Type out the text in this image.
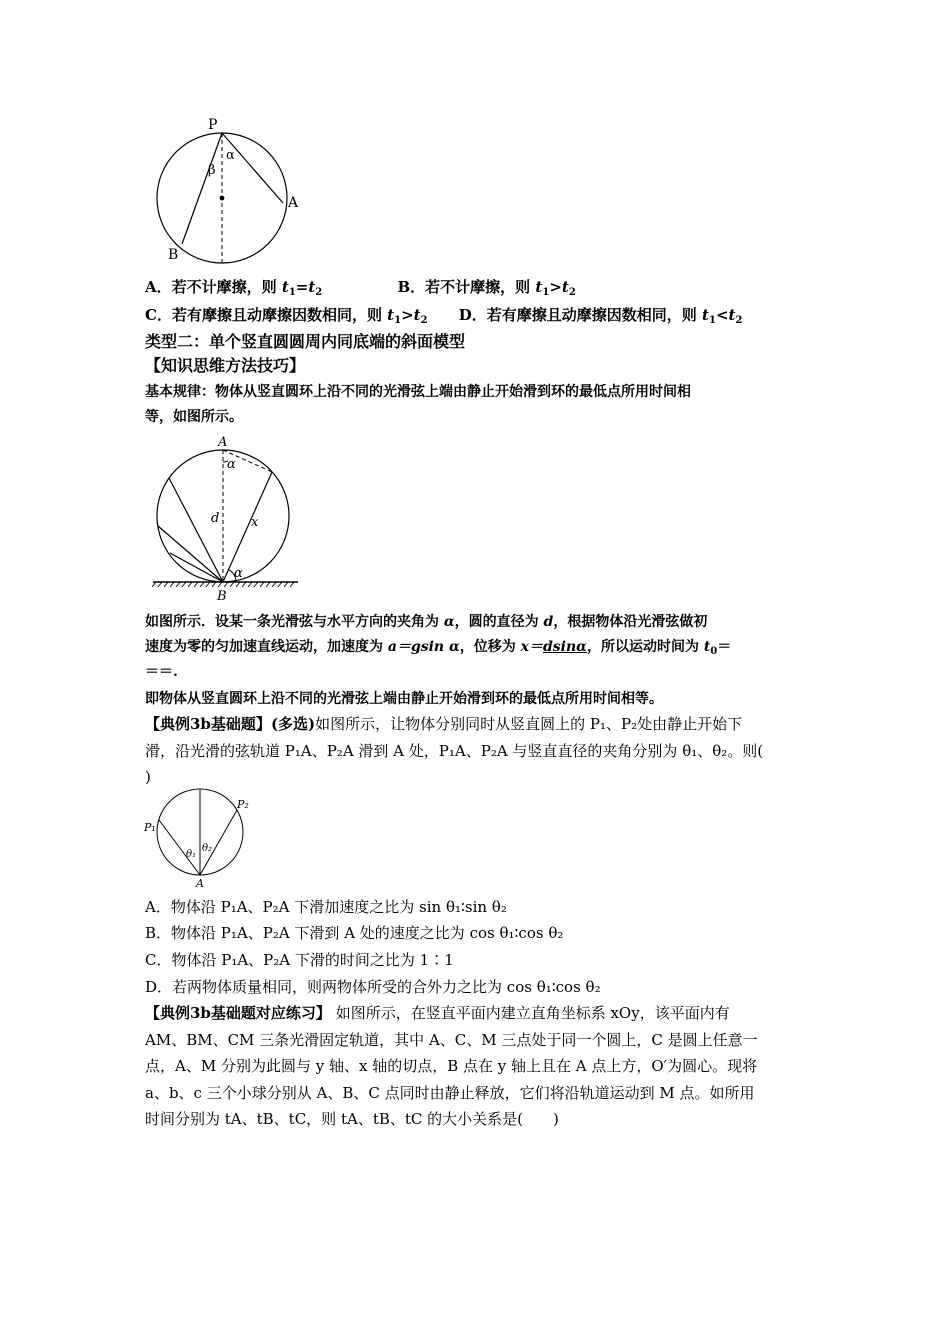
P
α
β
A
B
A．若不计摩擦，则 $t_1=t_2$	B．若不计摩擦，则 $t_1>t_2$
C．若有摩擦且动摩擦因数相同，则 $t_1>t_2$ D．若有摩擦且动摩擦因数相同，则 $t_1<t_2$
类型二：单个竖直圆圆周内同底端的斜面模型
【知识思维方法技巧】
基本规律：物体从竖直圆环上沿不同的光滑弦上端由静止开始滑到环的最低点所用时间相
等，如图所示。
A
α
d x
α
B
如图所示．设某一条光滑弦与水平方向的夹角为 α，圆的直径为 d，根据物体沿光滑弦做初
速度为零的匀加速直线运动，加速度为 a＝gsin α，位移为 x＝dsinα，所以运动时间为 $t_0=$
＝＝.
即物体从竖直圆环上沿不同的光滑弦上端由静止开始滑到环的最低点所用时间相等。
【典例3b基础题】(多选)如图所示，让物体分别同时从竖直圆上的 P₁、P₂处由静止开始下
滑，沿光滑的弦轨道 P₁A、P₂A 滑到 A 处，P₁A、P₂A 与竖直直径的夹角分别为 θ₁、θ₂。则(
)
P₁
P₂
θ₁
θ₂
A
A．物体沿 P₁A、P₂A 下滑加速度之比为 sin θ₁∶sin θ₂
B．物体沿 P₁A、P₂A 下滑到 A 处的速度之比为 cos θ₁∶cos θ₂
C．物体沿 P₁A、P₂A 下滑的时间之比为 1∶1
D．若两物体质量相同，则两物体所受的合外力之比为 cos θ₁∶cos θ₂
【典例3b基础题对应练习】 如图所示，在竖直平面内建立直角坐标系 xOy，该平面内有
AM、BM、CM 三条光滑固定轨道，其中 A、C、M 三点处于同一个圆上，C 是圆上任意一
点，A、M 分别为此圆与 y 轴、x 轴的切点，B 点在 y 轴上且在 A 点上方，O′为圆心。现将
a、b、c 三个小球分别从 A、B、C 点同时由静止释放，它们将沿轨道运动到 M 点。如所用
时间分别为 tA、tB、tC，则 tA、tB、tC 的大小关系是(　　)
